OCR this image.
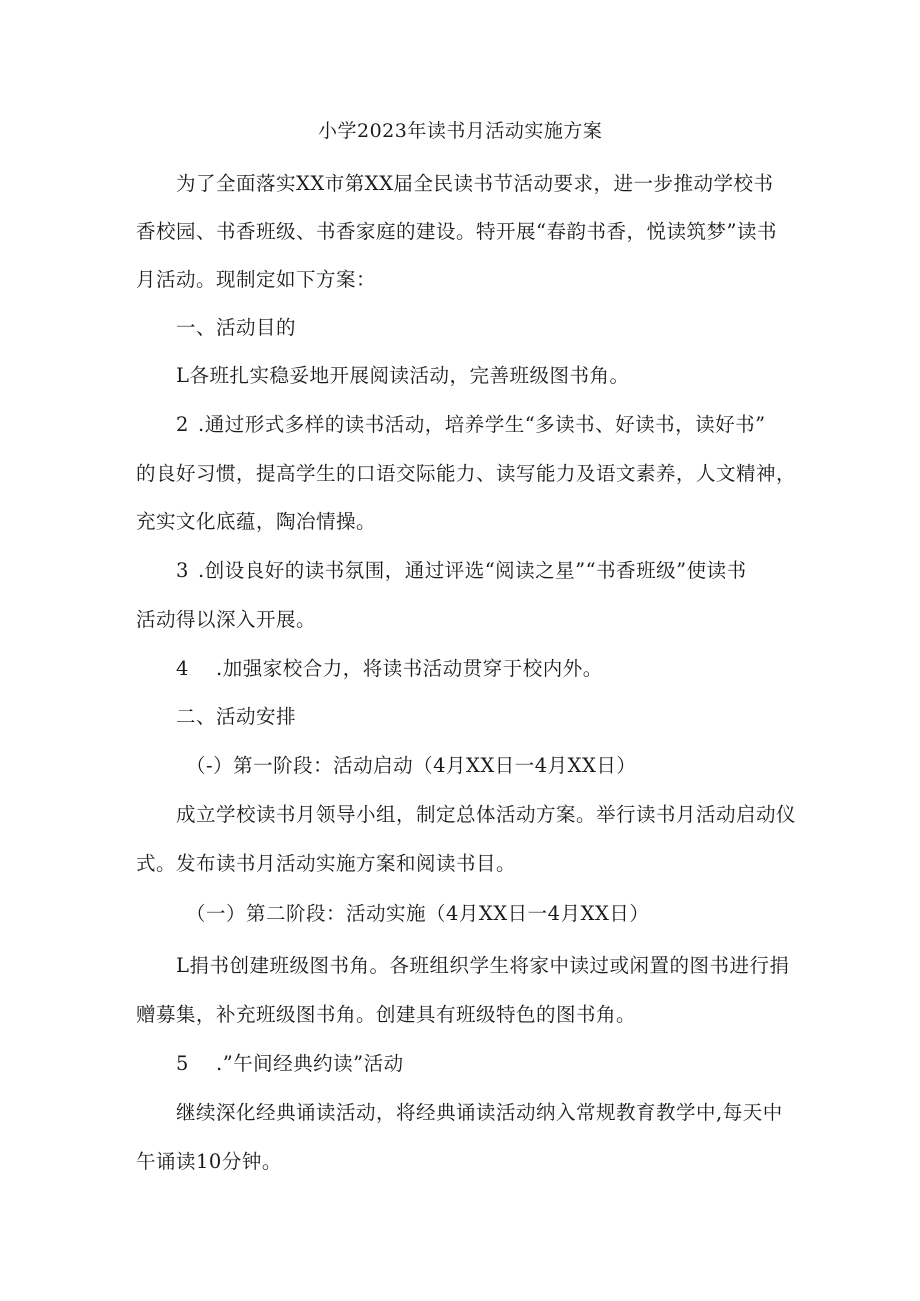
小学2023年读书月活动实施方案
为了全面落实XX市第XX届全民读书节活动要求，进一步推动学校书
香校园、书香班级、书香家庭的建设。特开展“春韵书香，悦读筑梦”读书
月活动。现制定如下方案：
一、活动目的
L各班扎实稳妥地开展阅读活动，完善班级图书角。
2 .通过形式多样的读书活动，培养学生“多读书、好读书，读好书”
的良好习惯，提高学生的口语交际能力、读写能力及语文素养，人文精神，
充实文化底蕴，陶冶情操。
3 .创设良好的读书氛围，通过评选“阅读之星”“书香班级”使读书
活动得以深入开展。
4 .加强家校合力，将读书活动贯穿于校内外。
二、活动安排
（-）第一阶段：活动启动（4月XX日一4月XX日）
成立学校读书月领导小组，制定总体活动方案。举行读书月活动启动仪
式。发布读书月活动实施方案和阅读书目。
（一）第二阶段：活动实施（4月XX日一4月XX日）
L捐书创建班级图书角。各班组织学生将家中读过或闲置的图书进行捐
赠募集，补充班级图书角。创建具有班级特色的图书角。
5 .”午间经典约读”活动
继续深化经典诵读活动，将经典诵读活动纳入常规教育教学中,每天中
午诵读10分钟。
